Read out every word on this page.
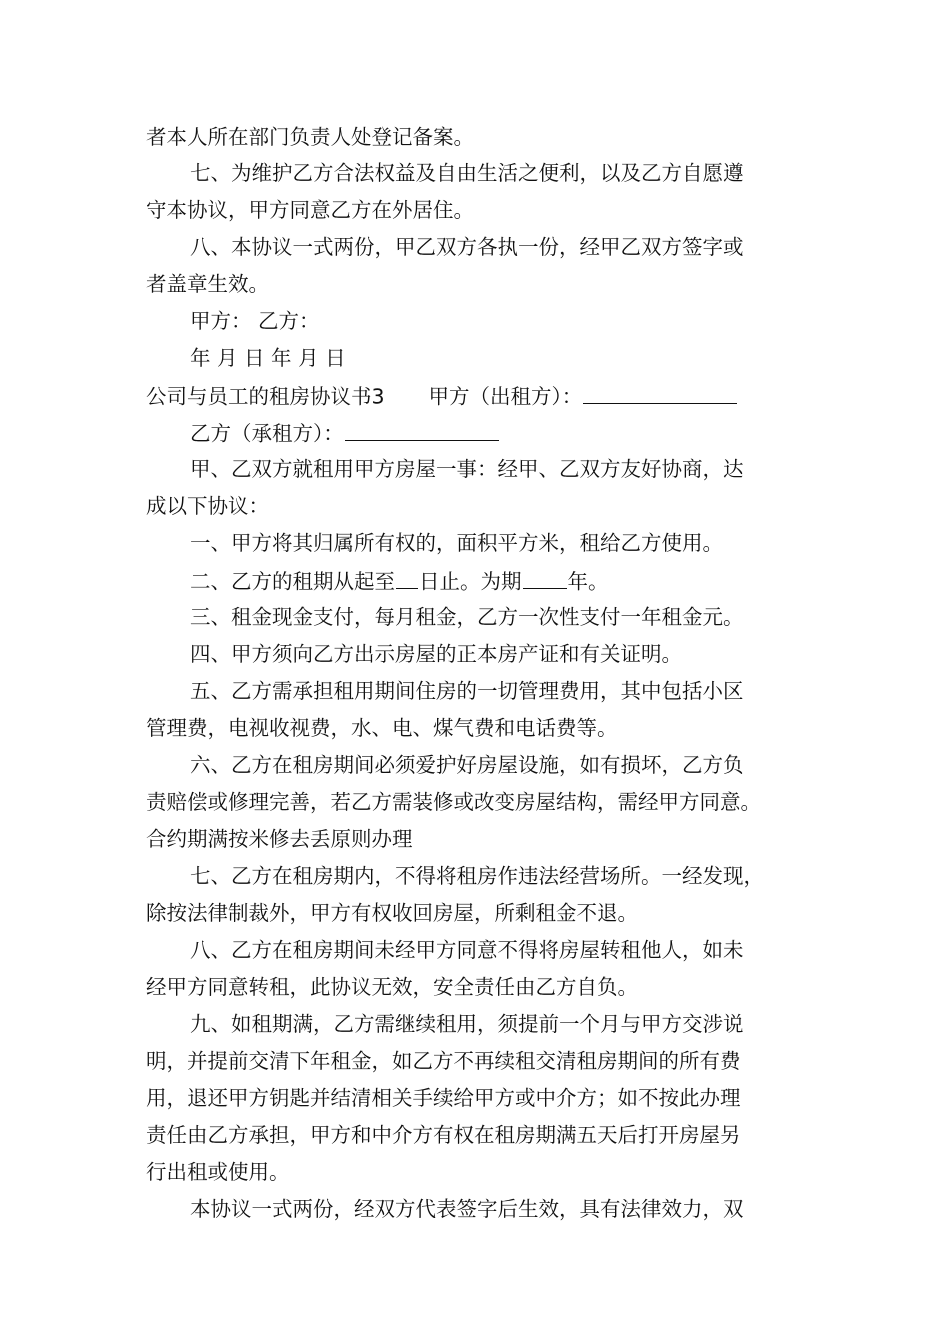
者本人所在部门负责人处登记备案。

七、为维护乙方合法权益及自由生活之便利，以及乙方自愿遵

守本协议，甲方同意乙方在外居住。

八、本协议一式两份，甲乙双方各执一份，经甲乙双方签字或

者盖章生效。

甲方： 乙方：

年 月 日 年 月 日

公司与员工的租房协议书3 甲方（出租方）：

乙方（承租方）：

甲、乙双方就租用甲方房屋一事：经甲、乙双方友好协商，达

成以下协议：

一、甲方将其归属所有权的，面积平方米，租给乙方使用。

二、乙方的租期从起至 日止。为期 年。

三、租金现金支付，每月租金，乙方一次性支付一年租金元。

四、甲方须向乙方出示房屋的正本房产证和有关证明。

五、乙方需承担租用期间住房的一切管理费用，其中包括小区

管理费，电视收视费，水、电、煤气费和电话费等。

六、乙方在租房期间必须爱护好房屋设施，如有损坏，乙方负

责赔偿或修理完善，若乙方需装修或改变房屋结构，需经甲方同意。

合约期满按米修去丢原则办理

七、乙方在租房期内，不得将租房作违法经营场所。一经发现，

除按法律制裁外，甲方有权收回房屋，所剩租金不退。

八、乙方在租房期间未经甲方同意不得将房屋转租他人，如未

经甲方同意转租，此协议无效，安全责任由乙方自负。

九、如租期满，乙方需继续租用，须提前一个月与甲方交涉说

明，并提前交清下年租金，如乙方不再续租交清租房期间的所有费

用，退还甲方钥匙并结清相关手续给甲方或中介方；如不按此办理

责任由乙方承担，甲方和中介方有权在租房期满五天后打开房屋另

行出租或使用。

本协议一式两份，经双方代表签字后生效，具有法律效力，双
